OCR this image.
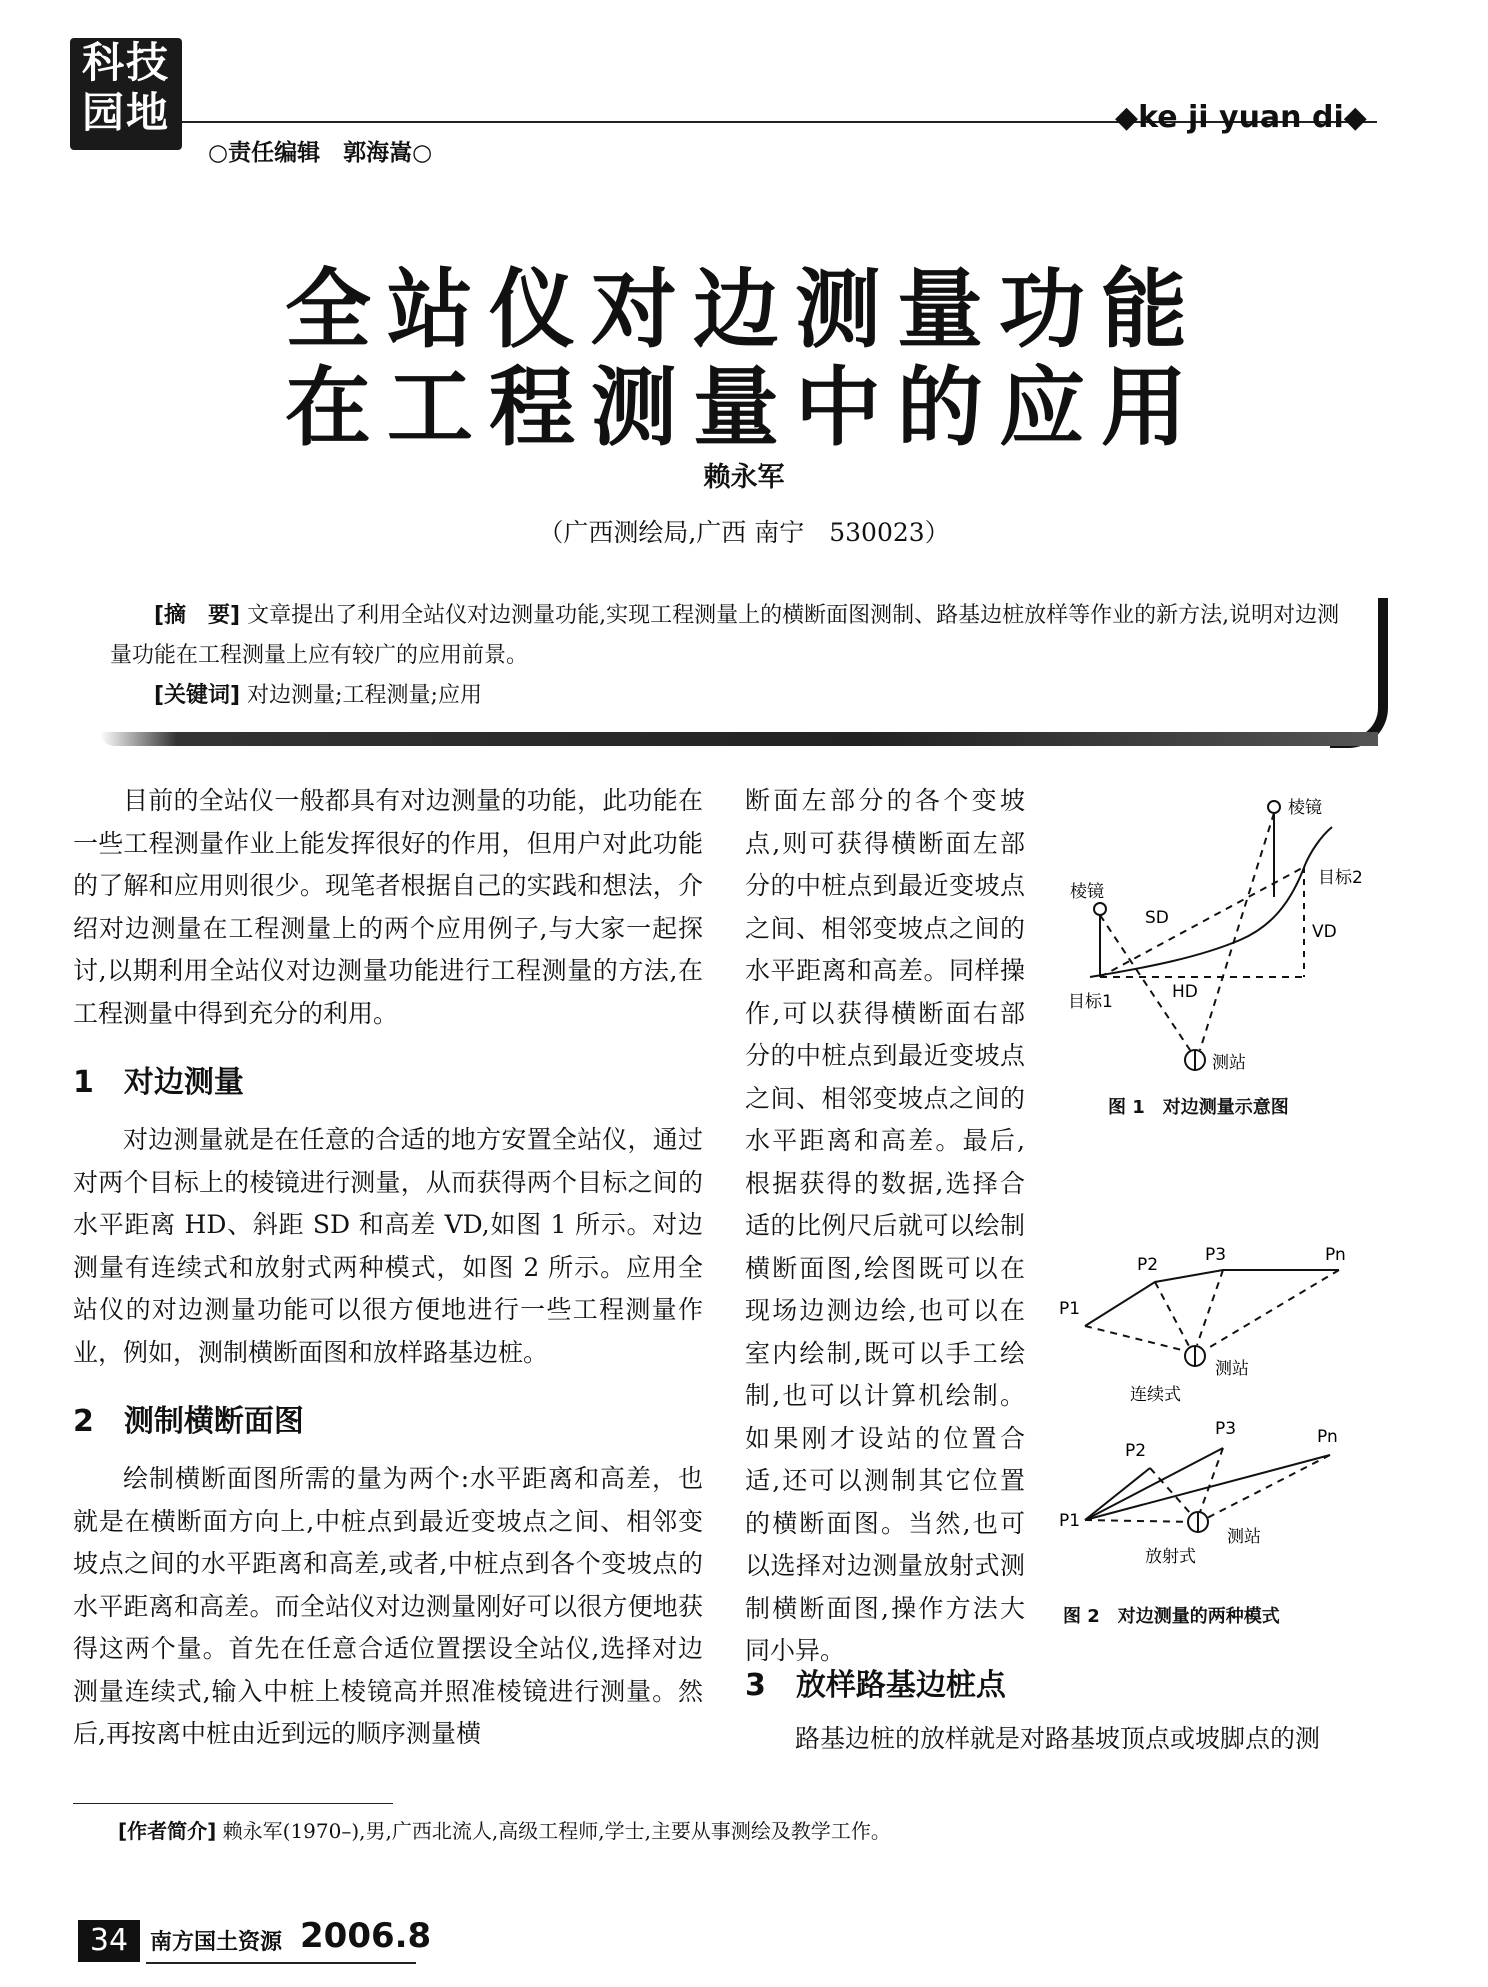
科技
园地	◆ke ji yuan di◆
○责任编辑　郭海嵩○
全站仪对边测量功能
在工程测量中的应用
赖永军
（广西测绘局,广西 南宁　530023）
[摘　要] 文章提出了利用全站仪对边测量功能,实现工程测量上的横断面图测制、路基边桩放样等作业的新方法,说明对边测量功能在工程测量上应有较广的应用前景。
[关键词] 对边测量;工程测量;应用

目前的全站仪一般都具有对边测量的功能，此功能在一些工程测量作业上能发挥很好的作用，但用户对此功能的了解和应用则很少。现笔者根据自己的实践和想法，介绍对边测量在工程测量上的两个应用例子,与大家一起探讨,以期利用全站仪对边测量功能进行工程测量的方法,在工程测量中得到充分的利用。

1　对边测量

对边测量就是在任意的合适的地方安置全站仪，通过对两个目标上的棱镜进行测量，从而获得两个目标之间的水平距离 HD、斜距 SD 和高差 VD,如图 1 所示。对边测量有连续式和放射式两种模式，如图 2 所示。应用全站仪的对边测量功能可以很方便地进行一些工程测量作业，例如，测制横断面图和放样路基边桩。

2　测制横断面图

绘制横断面图所需的量为两个:水平距离和高差，也就是在横断面方向上,中桩点到最近变坡点之间、相邻变坡点之间的水平距离和高差,或者,中桩点到各个变坡点的水平距离和高差。而全站仪对边测量刚好可以很方便地获得这两个量。首先在任意合适位置摆设全站仪,选择对边测量连续式,输入中桩上棱镜高并照准棱镜进行测量。然后,再按离中桩由近到远的顺序测量横

断面左部分的各个变坡点,则可获得横断面左部分的中桩点到最近变坡点之间、相邻变坡点之间的水平距离和高差。同样操作,可以获得横断面右部分的中桩点到最近变坡点之间、相邻变坡点之间的水平距离和高差。最后,根据获得的数据,选择合适的比例尺后就可以绘制横断面图,绘图既可以在现场边测边绘,也可以在室内绘制,既可以手工绘制,也可以计算机绘制。如果刚才设站的位置合适,还可以测制其它位置的横断面图。当然,也可以选择对边测量放射式测制横断面图,操作方法大同小异。

3　放样路基边桩点

路基边桩的放样就是对路基坡顶点或坡脚点的测

棱镜
棱镜
目标2
目标1
SD
VD
HD
测站
图 1　对边测量示意图
P1
P2	P3	Pn
测站
连续式
P1
P2
P3	Pn
测站
放射式
图 2　对边测量的两种模式
[作者简介] 赖永军(1970–),男,广西北流人,高级工程师,学士,主要从事测绘及教学工作。
34 南方国土资源 2006.8
